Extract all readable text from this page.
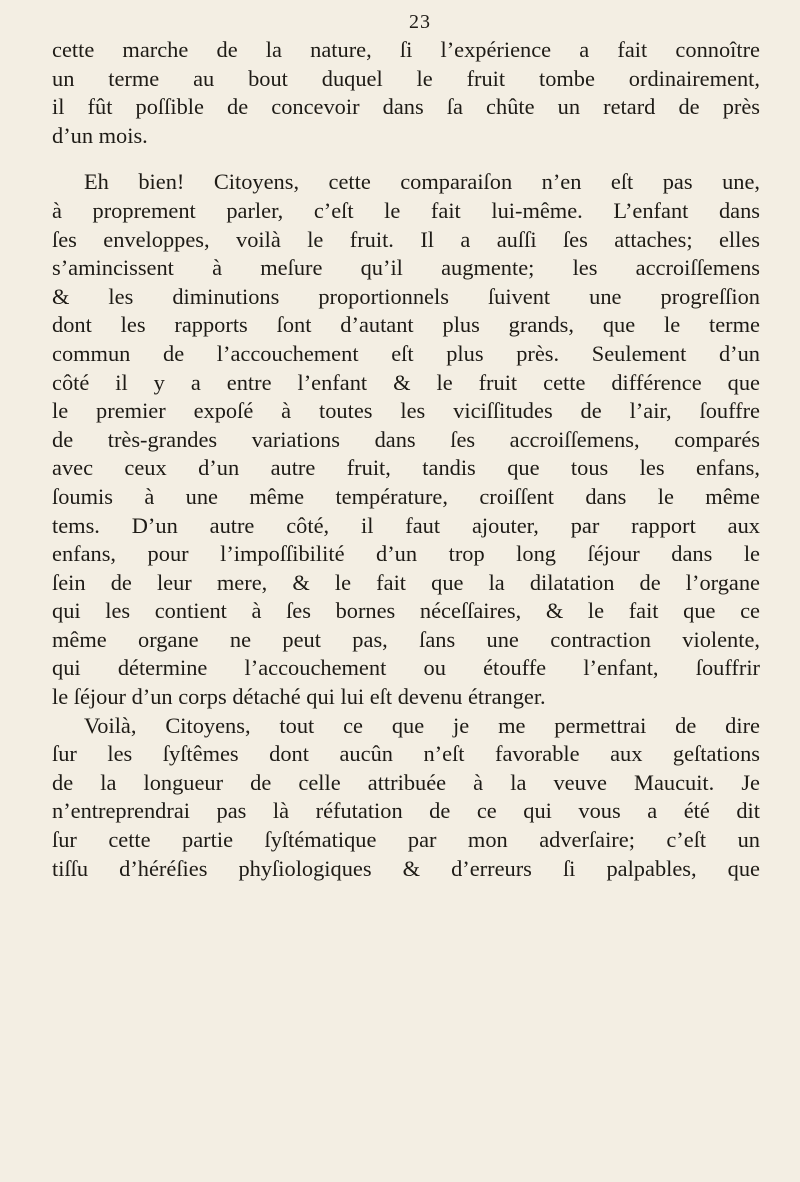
23
cette marche de la nature, ſi l’expérience a fait connoître
un terme au bout duquel le fruit tombe ordinairement,
il fût poſſible de concevoir dans ſa chûte un retard de près
d’un mois.
Eh bien! Citoyens, cette comparaiſon n’en eſt pas une,
à proprement parler, c’eſt le fait lui-même. L’enfant dans
ſes enveloppes, voilà le fruit. Il a auſſi ſes attaches; elles
s’amincissent à meſure qu’il augmente; les accroiſſemens
& les diminutions proportionnels ſuivent une progreſſion
dont les rapports ſont d’autant plus grands, que le terme
commun de l’accouchement eſt plus près. Seulement d’un
côté il y a entre l’enfant & le fruit cette différence que
le premier expoſé à toutes les viciſſitudes de l’air, ſouffre
de très-grandes variations dans ſes accroiſſemens, comparés
avec ceux d’un autre fruit, tandis que tous les enfans,
ſoumis à une même température, croiſſent dans le même
tems. D’un autre côté, il faut ajouter, par rapport aux
enfans, pour l’impoſſibilité d’un trop long ſéjour dans le
ſein de leur mere, & le fait que la dilatation de l’organe
qui les contient à ſes bornes néceſſaires, & le fait que ce
même organe ne peut pas, ſans une contraction violente,
qui détermine l’accouchement ou étouffe l’enfant, ſouffrir
le ſéjour d’un corps détaché qui lui eſt devenu étranger.
Voilà, Citoyens, tout ce que je me permettrai de dire
ſur les ſyſtêmes dont aucûn n’eſt favorable aux geſtations
de la longueur de celle attribuée à la veuve Maucuit. Je
n’entreprendrai pas là réfutation de ce qui vous a été dit
ſur cette partie ſyſtématique par mon adverſaire; c’eſt un
tiſſu d’héréſies phyſiologiques & d’erreurs ſi palpables, que
